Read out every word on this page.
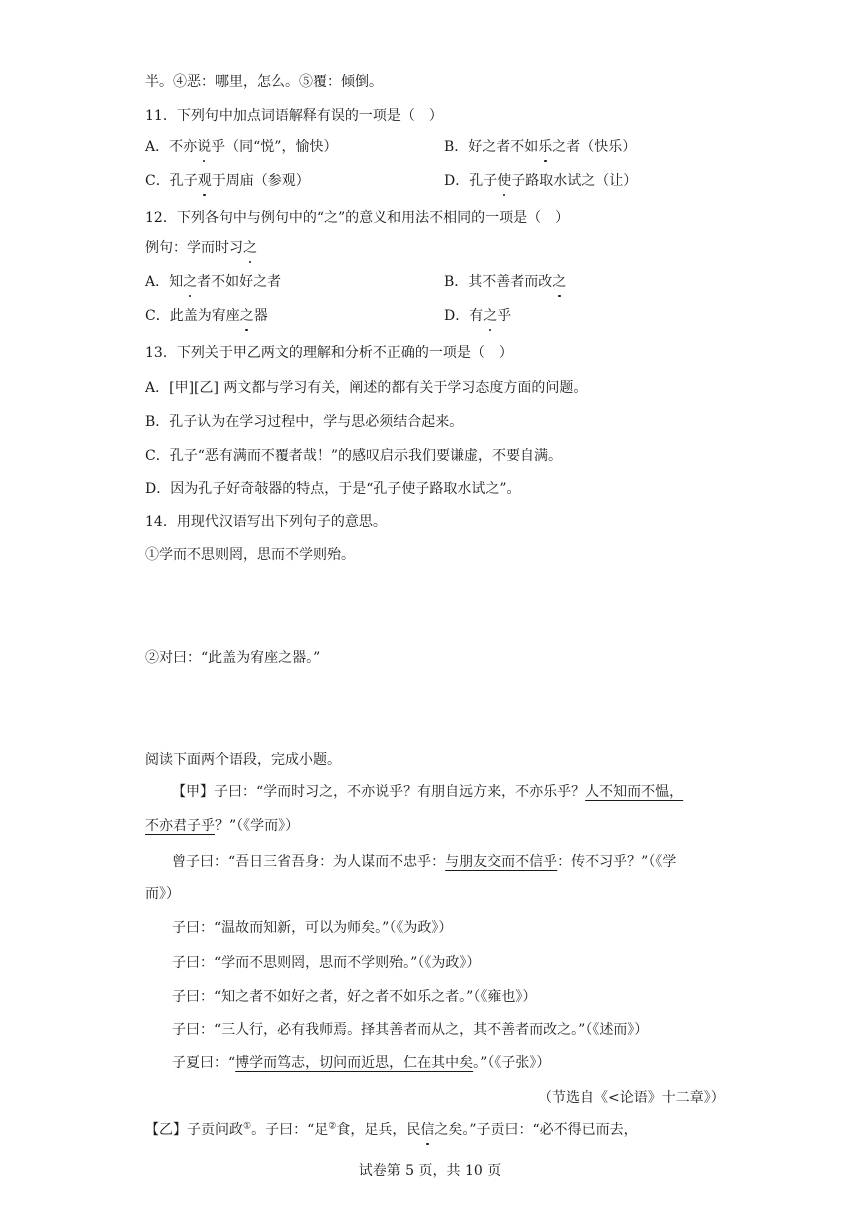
半。④恶：哪里，怎么。⑤覆：倾倒。
11．下列句中加点词语解释有误的一项是（　）
A．不亦说乎（同“悦”，愉快）	B．好之者不如乐之者（快乐）
C．孔子观于周庙（参观）	D．孔子使子路取水试之（让）
12．下列各句中与例句中的“之”的意义和用法不相同的一项是（　）
例句：学而时习之
A．知之者不如好之者	B．其不善者而改之
C．此盖为宥座之器	D．有之乎
13．下列关于甲乙两文的理解和分析不正确的一项是（　）
A．[甲][乙] 两文都与学习有关，阐述的都有关于学习态度方面的问题。
B．孔子认为在学习过程中，学与思必须结合起来。
C．孔子“恶有满而不覆者哉！”的感叹启示我们要谦虚，不要自满。
D．因为孔子好奇敧器的特点，于是“孔子使子路取水试之”。
14．用现代汉语写出下列句子的意思。
①学而不思则罔，思而不学则殆。
②对曰：“此盖为宥座之器。”
阅读下面两个语段，完成小题。
【甲】子曰：“学而时习之，不亦说乎？有朋自远方来，不亦乐乎？人不知而不愠，
不亦君子乎？”（《学而》）
曾子曰：“吾日三省吾身：为人谋而不忠乎：与朋友交而不信乎：传不习乎？”（《学
而》）
子曰：“温故而知新，可以为师矣。”（《为政》）
子曰：“学而不思则罔，思而不学则殆。”（《为政》）
子曰：“知之者不如好之者，好之者不如乐之者。”（《雍也》）
子曰：“三人行，必有我师焉。择其善者而从之，其不善者而改之。”（《述而》）
子夏曰：“博学而笃志，切问而近思，仁在其中矣。”（《子张》）
（节选自《<论语》十二章》）
【乙】子贡问政①。子曰：“足②食，足兵，民信之矣。”子贡曰：“必不得已而去，
试卷第 5 页，共 10 页
